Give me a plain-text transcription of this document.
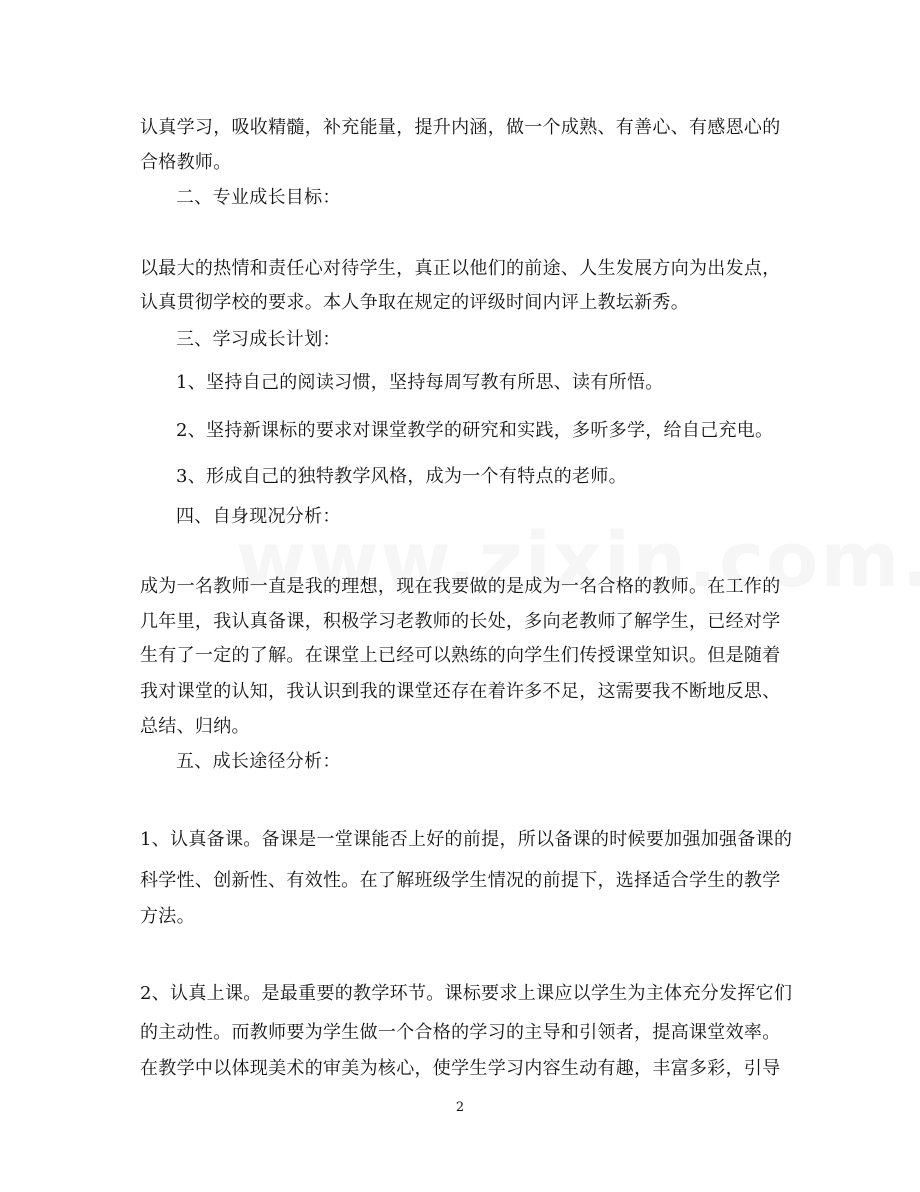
认真学习，吸收精髓，补充能量，提升内涵，做一个成熟、有善心、有感恩心的
合格教师。
二、专业成长目标：
以最大的热情和责任心对待学生，真正以他们的前途、人生发展方向为出发点，
认真贯彻学校的要求。本人争取在规定的评级时间内评上教坛新秀。
三、学习成长计划：
1、坚持自己的阅读习惯，坚持每周写教有所思、读有所悟。
2、坚持新课标的要求对课堂教学的研究和实践，多听多学，给自己充电。
3、形成自己的独特教学风格，成为一个有特点的老师。
四、自身现况分析：
成为一名教师一直是我的理想，现在我要做的是成为一名合格的教师。在工作的
几年里，我认真备课，积极学习老教师的长处，多向老教师了解学生，已经对学
生有了一定的了解。在课堂上已经可以熟练的向学生们传授课堂知识。但是随着
我对课堂的认知，我认识到我的课堂还存在着许多不足，这需要我不断地反思、
总结、归纳。
五、成长途径分析：
1、认真备课。备课是一堂课能否上好的前提，所以备课的时候要加强加强备课的
科学性、创新性、有效性。在了解班级学生情况的前提下，选择适合学生的教学
方法。
2、认真上课。是最重要的教学环节。课标要求上课应以学生为主体充分发挥它们
的主动性。而教师要为学生做一个合格的学习的主导和引领者，提高课堂效率。
在教学中以体现美术的审美为核心，使学生学习内容生动有趣，丰富多彩，引导
2
